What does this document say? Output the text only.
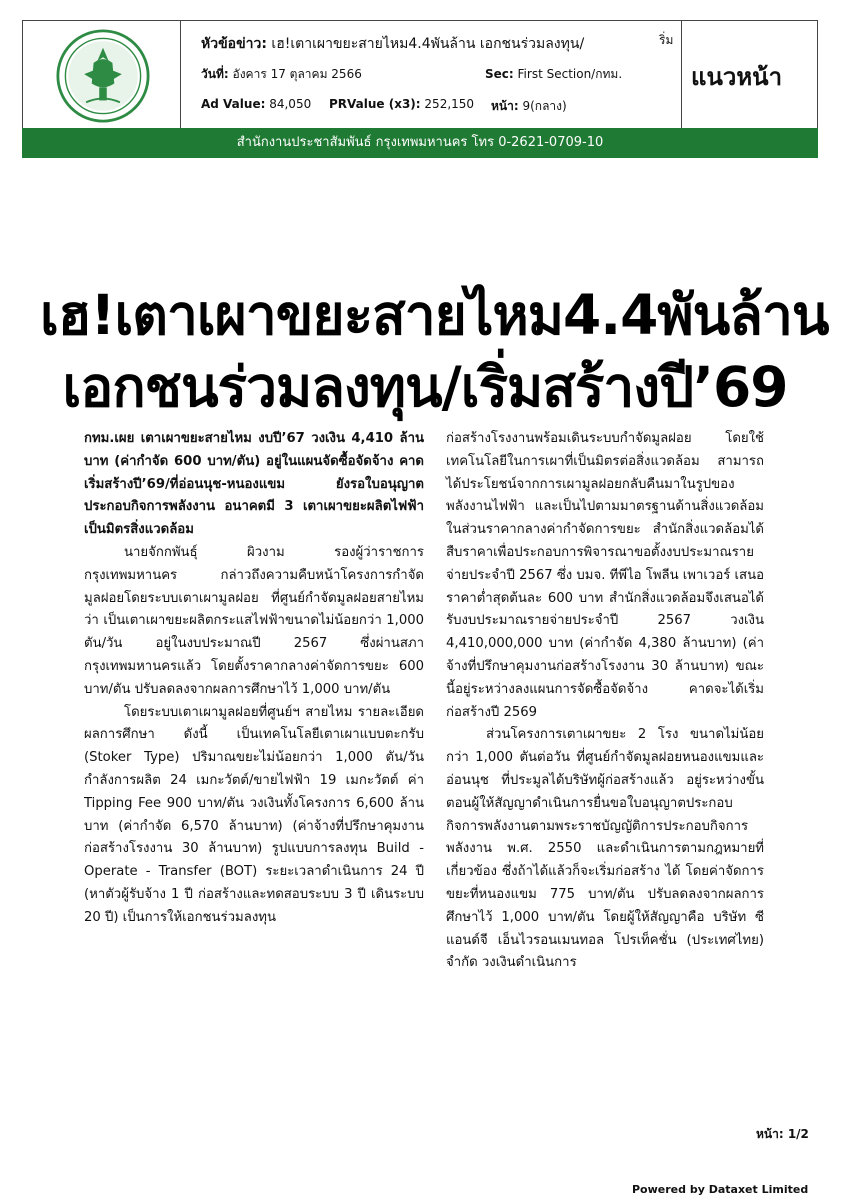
หัวข้อข่าว: เฮ!เตาเผาขยะสายไหม4.4พันล้าน เอกชนร่วมลงทุน/
วันที่: อังคาร 17 ตุลาคม 2566	Sec: First Section/กทม.
Ad Value: 84,050 PRValue (x3): 252,150 หน้า: 9(กลาง)
ริ่ม
แนวหน้า
สำนักงานประชาสัมพันธ์ กรุงเทพมหานคร โทร 0-2621-0709-10
เฮ!เตาเผาขยะสายไหม4.4พันล้าน
เอกชนร่วมลงทุน/เริ่มสร้างปี’69

กทม.เผย เตาเผาขยะสายไหม งบปี’67 วงเงิน 4,410 ล้านบาท (ค่ากำจัด 600 บาท/ตัน) อยู่ในแผนจัดซื้อจัดจ้าง คาดเริ่มสร้างปี’69/ที่อ่อนนุช-หนองแขม ยังรอใบอนุญาตประกอบกิจการพลังงาน อนาคตมี 3 เตาเผาขยะผลิตไฟฟ้าเป็นมิตรสิ่งแวดล้อม

นายจักกพันธุ์ ผิวงาม รองผู้ว่าราชการกรุงเทพมหานคร กล่าวถึงความคืบหน้าโครงการกำจัดมูลฝอยโดยระบบเตาเผามูลฝอย ที่ศูนย์กำจัดมูลฝอยสายไหม ว่า เป็นเตาเผาขยะผลิตกระแสไฟฟ้าขนาดไม่น้อยกว่า 1,000 ตัน/วัน อยู่ในงบประมาณปี 2567 ซึ่งผ่านสภากรุงเทพมหานครแล้ว โดยตั้งราคากลางค่าจัดการขยะ 600 บาท/ตัน ปรับลดลงจากผลการศึกษาไว้ 1,000 บาท/ตัน

โดยระบบเตาเผามูลฝอยที่ศูนย์ฯ สายไหม รายละเอียดผลการศึกษา ดังนี้ เป็นเทคโนโลยีเตาเผาแบบตะกรับ (Stoker Type) ปริมาณขยะไม่น้อยกว่า 1,000 ตัน/วัน กำลังการผลิต 24 เมกะวัตต์/ขายไฟฟ้า 19 เมกะวัตต์ ค่า Tipping Fee 900 บาท/ตัน วงเงินทั้งโครงการ 6,600 ล้านบาท (ค่ากำจัด 6,570 ล้านบาท) (ค่าจ้างที่ปรึกษาคุมงานก่อสร้างโรงงาน 30 ล้านบาท) รูปแบบการลงทุน Build - Operate - Transfer (BOT) ระยะเวลาดำเนินการ 24 ปี (หาตัวผู้รับจ้าง 1 ปี ก่อสร้างและทดสอบระบบ 3 ปี เดินระบบ 20 ปี) เป็นการให้เอกชนร่วมลงทุน

ก่อสร้างโรงงานพร้อมเดินระบบกำจัดมูลฝอย โดยใช้เทคโนโลยีในการเผาที่เป็นมิตรต่อสิ่งแวดล้อม สามารถได้ประโยชน์จากการเผามูลฝอยกลับคืนมาในรูปของพลังงานไฟฟ้า และเป็นไปตามมาตรฐานด้านสิ่งแวดล้อม ในส่วนราคากลางค่ากำจัดการขยะ สำนักสิ่งแวดล้อมได้สืบราคาเพื่อประกอบการพิจารณาขอตั้งงบประมาณรายจ่ายประจำปี 2567 ซึ่ง บมจ. ทีพีไอ โพลีน เพาเวอร์ เสนอราคาต่ำสุดต้นละ 600 บาท สำนักสิ่งแวดล้อมจึงเสนอได้รับงบประมาณรายจ่ายประจำปี 2567 วงเงิน 4,410,000,000 บาท (ค่ากำจัด 4,380 ล้านบาท) (ค่าจ้างที่ปรึกษาคุมงานก่อสร้างโรงงาน 30 ล้านบาท) ขณะนี้อยู่ระหว่างลงแผนการจัดซื้อจัดจ้าง คาดจะได้เริ่มก่อสร้างปี 2569

ส่วนโครงการเตาเผาขยะ 2 โรง ขนาดไม่น้อยกว่า 1,000 ตันต่อวัน ที่ศูนย์กำจัดมูลฝอยหนองแขมและอ่อนนุช ที่ประมูลได้บริษัทผู้ก่อสร้างแล้ว อยู่ระหว่างขั้นตอนผู้ให้สัญญาดำเนินการยื่นขอใบอนุญาตประกอบกิจการพลังงานตามพระราชบัญญัติการประกอบกิจการพลังงาน พ.ศ. 2550 และดำเนินการตามกฎหมายที่เกี่ยวข้อง ซึ่งถ้าได้แล้วก็จะเริ่มก่อสร้าง ได้ โดยค่าจัดการขยะที่หนองแขม 775 บาท/ตัน ปรับลดลงจากผลการศึกษาไว้ 1,000 บาท/ตัน โดยผู้ให้สัญญาคือ บริษัท ซีแอนด์จี เอ็นไวรอนเมนทอล โปรเท็คชั่น (ประเทศไทย) จำกัด วงเงินดำเนินการ

หน้า: 1/2
Powered by Dataxet Limited
